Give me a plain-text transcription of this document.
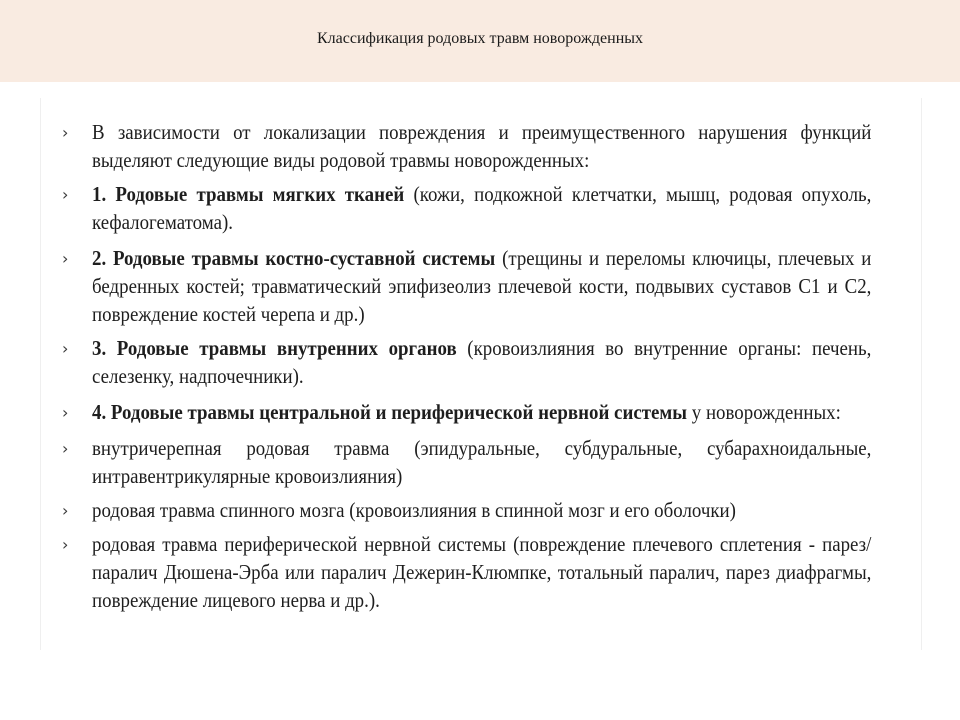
Классификация родовых травм новорожденных
› В зависимости от локализации повреждения и преимущественного нарушения функций выделяют следующие виды родовой травмы новорожденных:
› 1. Родовые травмы мягких тканей (кожи, подкожной клетчатки, мышц, родовая опухоль, кефалогематома).
› 2. Родовые травмы костно-суставной системы (трещины и переломы ключицы, плечевых и бедренных костей; травматический эпифизеолиз плечевой кости, подвывих суставов С1 и С2, повреждение костей черепа и др.)
› 3. Родовые травмы внутренних органов (кровоизлияния во внутренние органы: печень, селезенку, надпочечники).
› 4. Родовые травмы центральной и периферической нервной системы у новорожденных:
› внутричерепная родовая травма (эпидуральные, субдуральные, субарахноидальные, интравентрикулярные кровоизлияния)
› родовая травма спинного мозга (кровоизлияния в спинной мозг и его оболочки)
› родовая травма периферической нервной системы (повреждение плечевого сплетения - парез/паралич Дюшена-Эрба или паралич Дежерин-Клюмпке, тотальный паралич, парез диафрагмы, повреждение лицевого нерва и др.).
